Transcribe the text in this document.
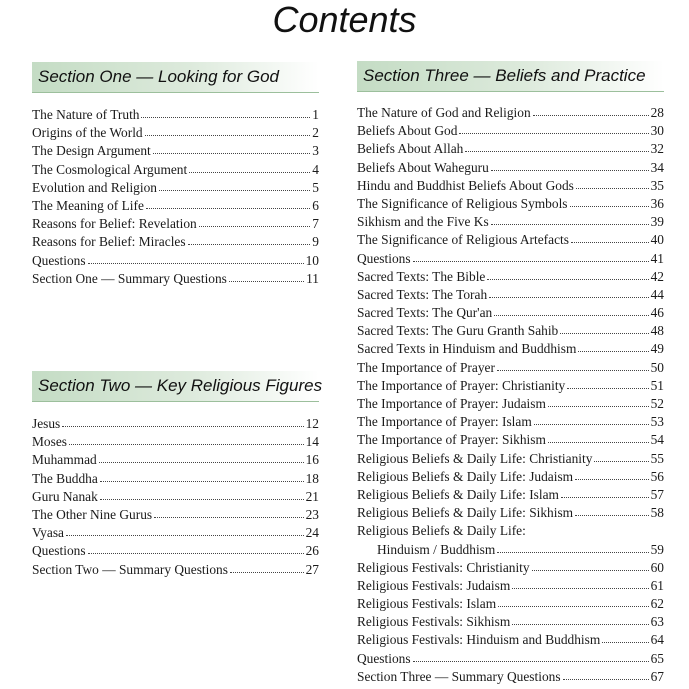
Contents
Section One — Looking for God
The Nature of Truth	1
Origins of the World	2
The Design Argument	3
The Cosmological Argument	4
Evolution and Religion	5
The Meaning of Life	6
Reasons for Belief: Revelation	7
Reasons for Belief: Miracles	9
Questions	10
Section One — Summary Questions	11
Section Two — Key Religious Figures
Jesus	12
Moses	14
Muhammad	16
The Buddha	18
Guru Nanak	21
The Other Nine Gurus	23
Vyasa	24
Questions	26
Section Two — Summary Questions	27
Section Three — Beliefs and Practice
The Nature of God and Religion	28
Beliefs About God	30
Beliefs About Allah	32
Beliefs About Waheguru	34
Hindu and Buddhist Beliefs About Gods	35
The Significance of Religious Symbols	36
Sikhism and the Five Ks	39
The Significance of Religious Artefacts	40
Questions	41
Sacred Texts: The Bible	42
Sacred Texts: The Torah	44
Sacred Texts: The Qur'an	46
Sacred Texts: The Guru Granth Sahib	48
Sacred Texts in Hinduism and Buddhism	49
The Importance of Prayer	50
The Importance of Prayer: Christianity	51
The Importance of Prayer: Judaism	52
The Importance of Prayer: Islam	53
The Importance of Prayer: Sikhism	54
Religious Beliefs & Daily Life: Christianity	55
Religious Beliefs & Daily Life: Judaism	56
Religious Beliefs & Daily Life: Islam	57
Religious Beliefs & Daily Life: Sikhism	58
Religious Beliefs & Daily Life:
Hinduism / Buddhism	59
Religious Festivals: Christianity	60
Religious Festivals: Judaism	61
Religious Festivals: Islam	62
Religious Festivals: Sikhism	63
Religious Festivals: Hinduism and Buddhism	64
Questions	65
Section Three — Summary Questions	67
